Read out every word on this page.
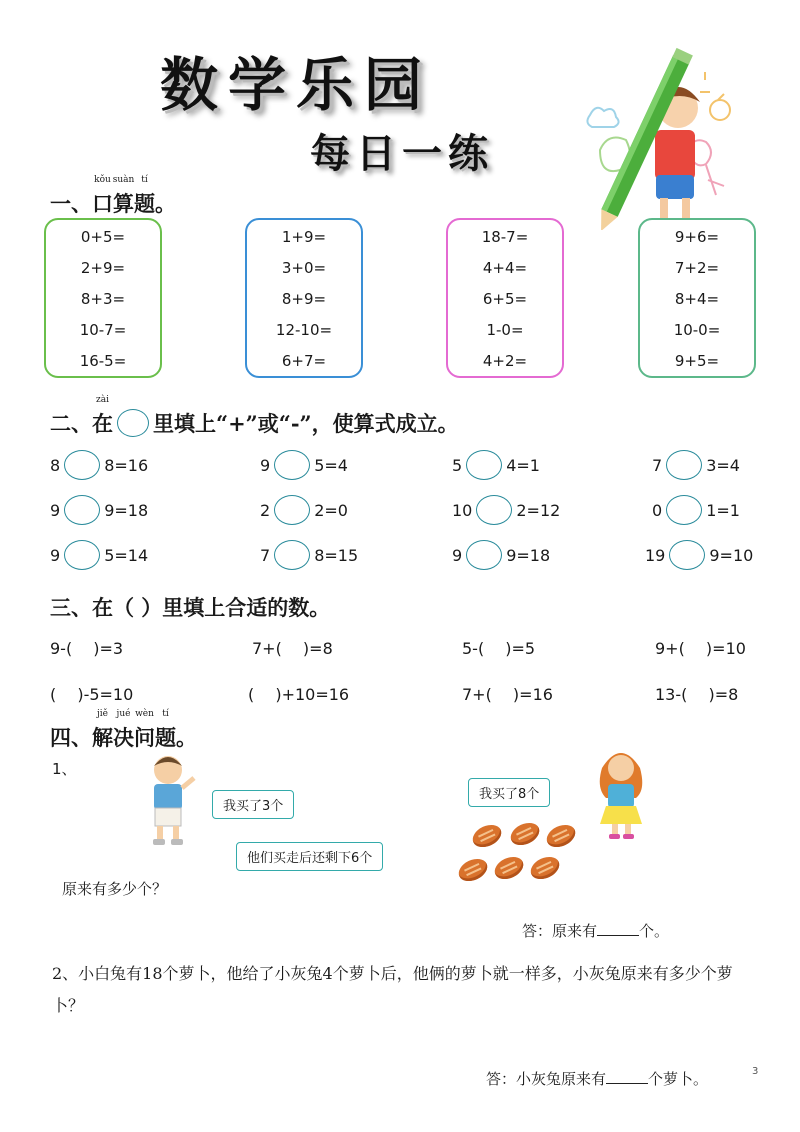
数学乐园
每日一练
一、
kǒu
口
suàn
算
tí
题。
0+5=
2+9=
8+3=
10-7=
16-5=
1+9=
3+0=
8+9=
12-10=
6+7=
18-7=
4+4=
6+5=
1-0=
4+2=
9+6=
7+2=
8+4=
10-0=
9+5=
二、
zài
在 里填上“+”或“-”，使算式成立。
8	8=16	9	5=4	5	4=1	7	3=4
9	9=18	2	2=0	10	2=12	0	1=1
9	5=14	7	8=15	9	9=18	19	9=10
三、在（ ）里填上合适的数。
9-(　 )=3	7+(　 )=8	5-(　 )=5	9+(　 )=10
(　 )-5=10	(　 )+10=16	7+(　 )=16	13-(　 )=8
四、
jiě
解
jué
决
wèn
问
tí
题。
1、
我买了3个
我买了8个
他们买走后还剩下6个
原来有多少个？
答：原来有	个。
2、小白兔有18个萝卜，他给了小灰兔4个萝卜后，他俩的萝卜就一样多，小灰兔原来有多少个萝卜？
答：小灰兔原来有	个萝卜。	3
